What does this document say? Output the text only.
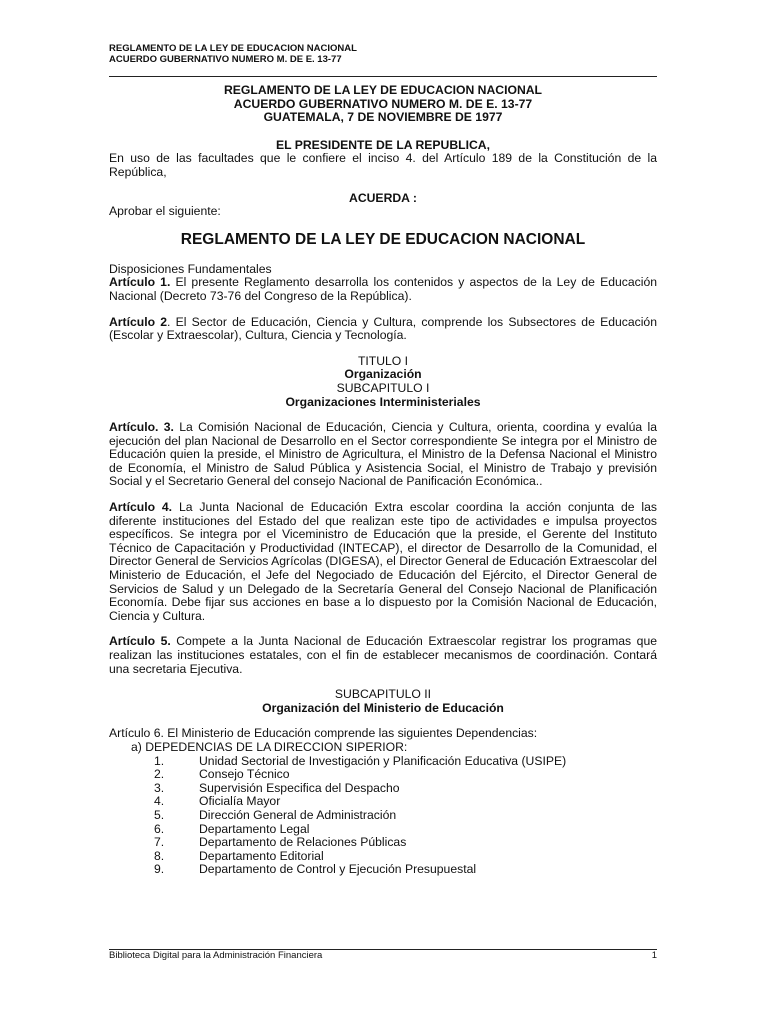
REGLAMENTO DE LA LEY DE EDUCACION NACIONAL
ACUERDO GUBERNATIVO NUMERO M. DE E. 13-77
REGLAMENTO DE LA LEY DE EDUCACION NACIONAL
ACUERDO GUBERNATIVO NUMERO M. DE E. 13-77
GUATEMALA, 7 DE NOVIEMBRE DE 1977
EL PRESIDENTE DE LA REPUBLICA,
En uso de las facultades que le confiere el inciso 4. del Artículo 189 de la Constitución de la República,
ACUERDA :
Aprobar el siguiente:
REGLAMENTO DE LA LEY DE EDUCACION NACIONAL
Disposiciones Fundamentales
Artículo 1. El presente Reglamento desarrolla los contenidos y aspectos de la Ley de Educación Nacional (Decreto 73-76 del Congreso de la República).
Artículo 2. El Sector de Educación, Ciencia y Cultura, comprende los Subsectores de Educación (Escolar y Extraescolar), Cultura, Ciencia y Tecnología.
TITULO I
Organización
SUBCAPITULO I
Organizaciones Interministeriales
Artículo. 3. La Comisión Nacional de Educación, Ciencia y Cultura, orienta, coordina y evalúa la ejecución del plan Nacional de Desarrollo en el Sector correspondiente Se integra por el Ministro de Educación quien la preside, el Ministro de Agricultura, el Ministro de la Defensa Nacional el Ministro de Economía, el Ministro de Salud Pública y Asistencia Social, el Ministro de Trabajo y previsión Social y el Secretario General del consejo Nacional de Panificación Económica..
Artículo 4. La Junta Nacional de Educación Extra escolar coordina la acción conjunta de las diferente instituciones del Estado del que realizan este tipo de actividades e impulsa proyectos específicos. Se integra por el Viceministro de Educación que la preside, el Gerente del Instituto Técnico de Capacitación y Productividad (INTECAP), el director de Desarrollo de la Comunidad, el Director General de Servicios Agrícolas (DIGESA), el Director General de Educación Extraescolar del Ministerio de Educación, el Jefe del Negociado de Educación del Ejército, el Director General de Servicios de Salud y un Delegado de la Secretaría General del Consejo Nacional de Planificación Economía. Debe fijar sus acciones en base a lo dispuesto por la Comisión Nacional de Educación, Ciencia y Cultura.
Artículo 5. Compete a la Junta Nacional de Educación Extraescolar registrar los programas que realizan las instituciones estatales, con el fin de establecer mecanismos de coordinación. Contará una secretaria Ejecutiva.
SUBCAPITULO II
Organización del Ministerio de Educación
Artículo 6. El Ministerio de Educación comprende las siguientes Dependencias:
a) DEPEDENCIAS DE LA DIRECCION SIPERIOR:
1.	Unidad Sectorial de Investigación y Planificación Educativa (USIPE)
2.	Consejo Técnico
3.	Supervisión Especifica del Despacho
4.	Oficialía Mayor
5.	Dirección General de Administración
6.	Departamento Legal
7.	Departamento de Relaciones Públicas
8.	Departamento Editorial
9.	Departamento de Control y Ejecución Presupuestal
Biblioteca Digital para la Administración Financiera	1
